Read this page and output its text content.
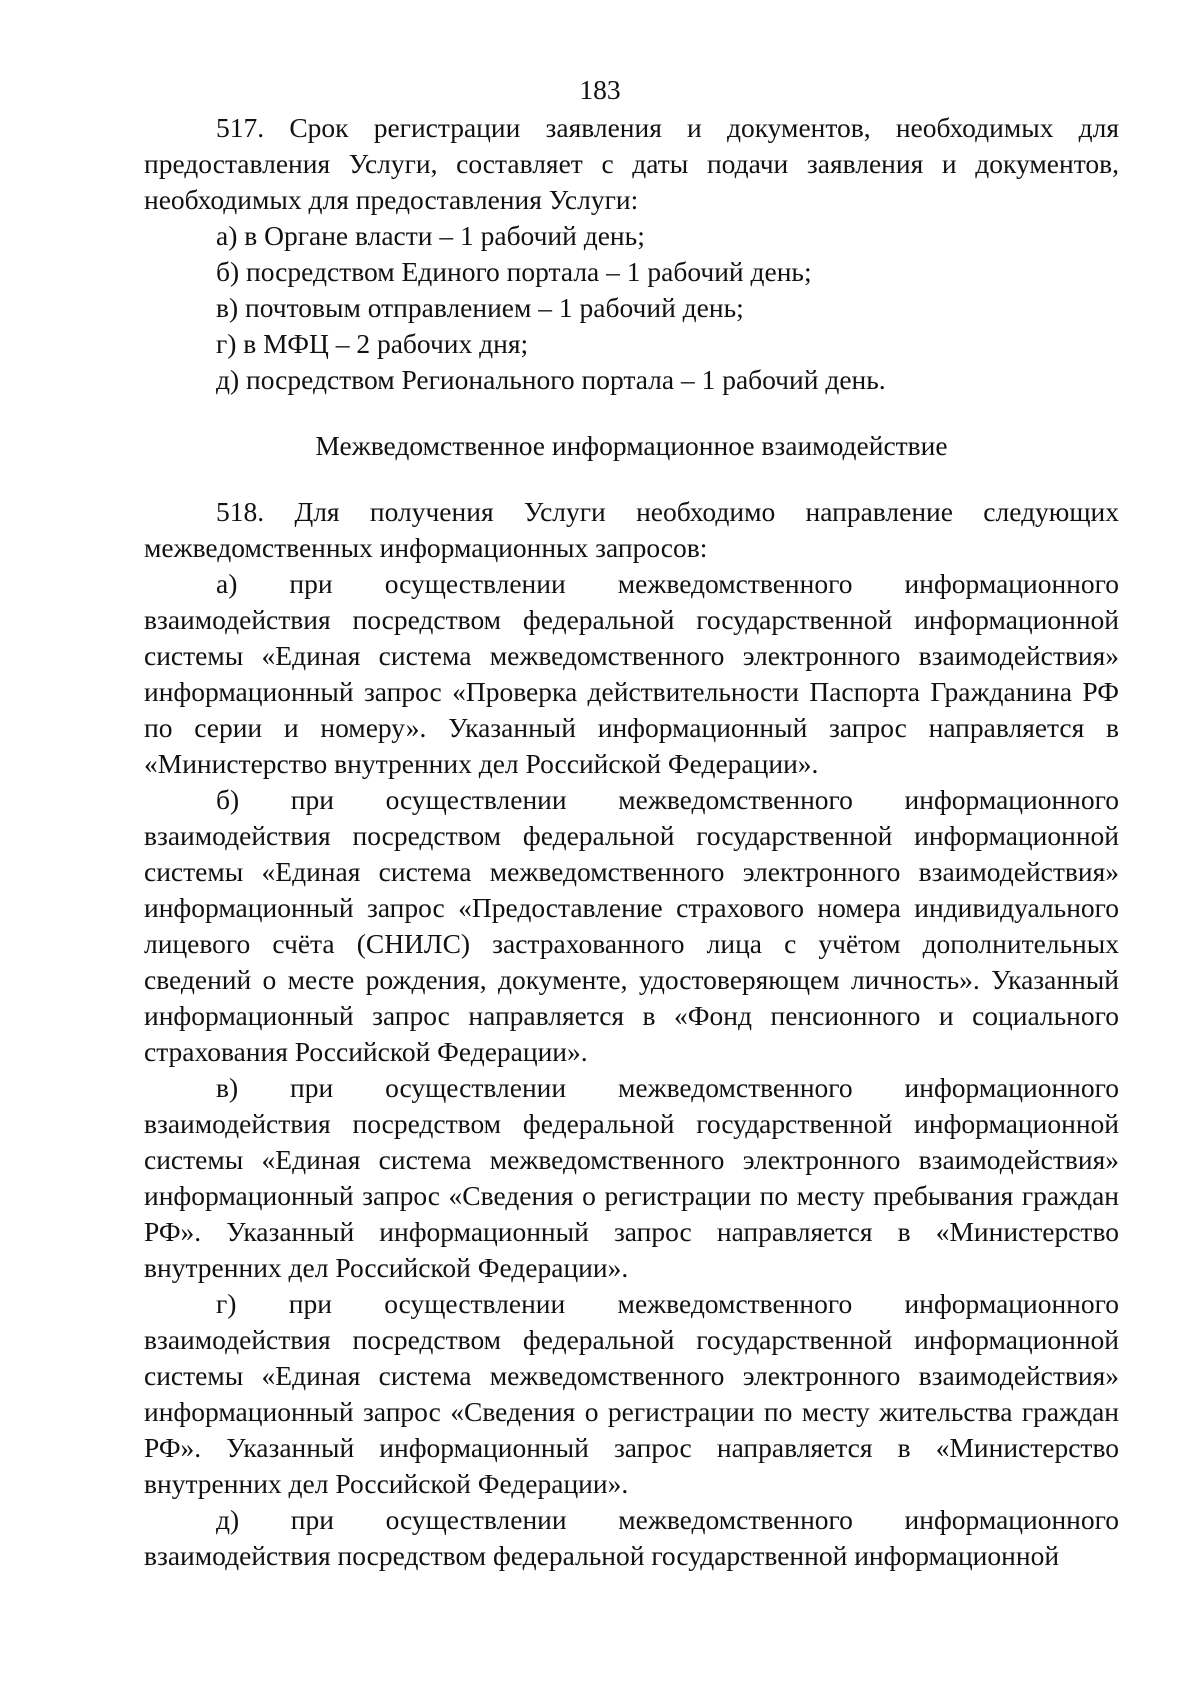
183

517. Срок регистрации заявления и документов, необходимых для предоставления Услуги, составляет с даты подачи заявления и документов, необходимых для предоставления Услуги:

а) в Органе власти – 1 рабочий день;

б) посредством Единого портала – 1 рабочий день;

в) почтовым отправлением – 1 рабочий день;

г) в МФЦ – 2 рабочих дня;

д) посредством Регионального портала – 1 рабочий день.

Межведомственное информационное взаимодействие

518. Для получения Услуги необходимо направление следующих межведомственных информационных запросов:

а) при осуществлении межведомственного информационного взаимодействия посредством федеральной государственной информационной системы «Единая система межведомственного электронного взаимодействия» информационный запрос «Проверка действительности Паспорта Гражданина РФ по серии и номеру». Указанный информационный запрос направляется в «Министерство внутренних дел Российской Федерации».

б) при осуществлении межведомственного информационного взаимодействия посредством федеральной государственной информационной системы «Единая система межведомственного электронного взаимодействия» информационный запрос «Предоставление страхового номера индивидуального лицевого счёта (СНИЛС) застрахованного лица с учётом дополнительных сведений о месте рождения, документе, удостоверяющем личность». Указанный информационный запрос направляется в «Фонд пенсионного и социального страхования Российской Федерации».

в) при осуществлении межведомственного информационного взаимодействия посредством федеральной государственной информационной системы «Единая система межведомственного электронного взаимодействия» информационный запрос «Сведения о регистрации по месту пребывания граждан РФ». Указанный информационный запрос направляется в «Министерство внутренних дел Российской Федерации».

г) при осуществлении межведомственного информационного взаимодействия посредством федеральной государственной информационной системы «Единая система межведомственного электронного взаимодействия» информационный запрос «Сведения о регистрации по месту жительства граждан РФ». Указанный информационный запрос направляется в «Министерство внутренних дел Российской Федерации».

д) при осуществлении межведомственного информационного взаимодействия посредством федеральной государственной информационной
